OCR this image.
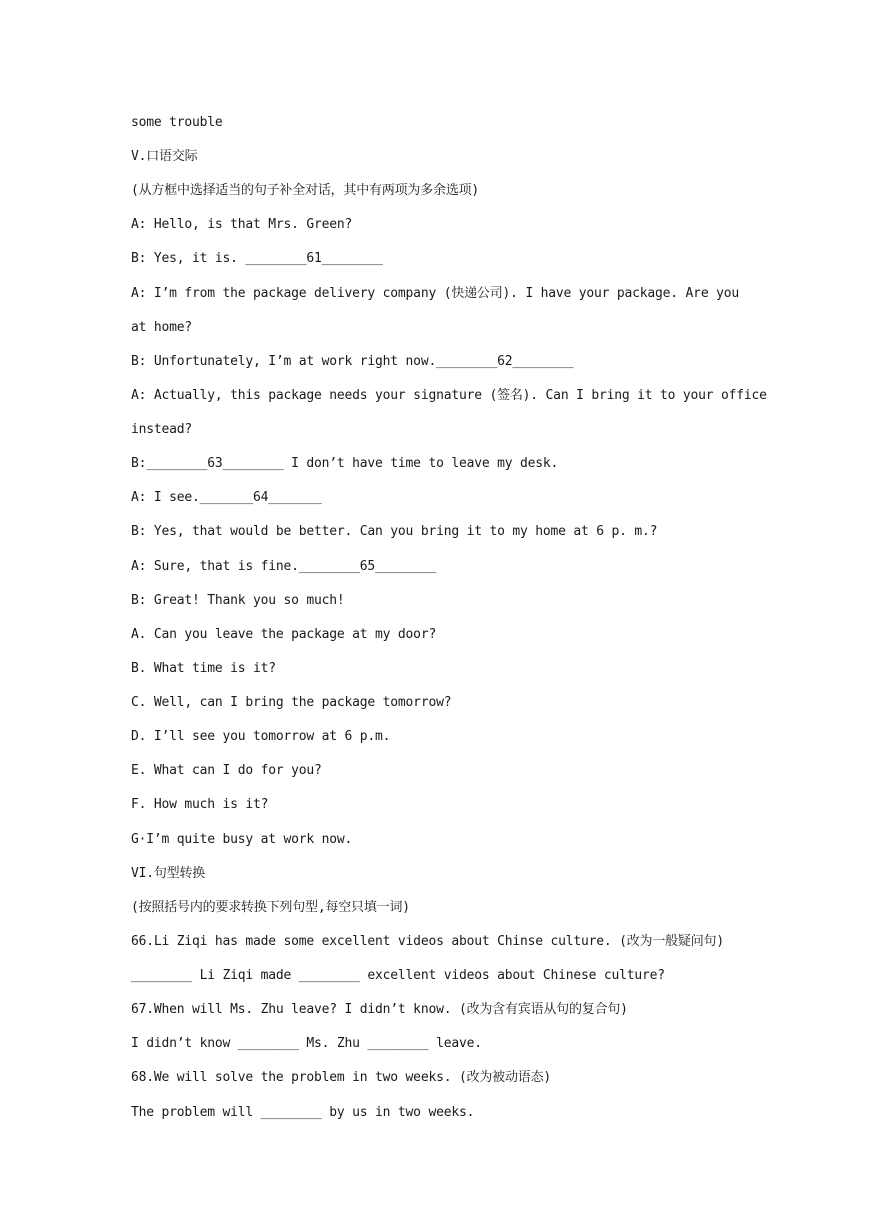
some trouble
V.口语交际
(从方框中选择适当的句子补全对话，其中有两项为多余选项)
A: Hello, is that Mrs. Green?
B: Yes, it is. ________61________
A: I’m from the package delivery company (快递公司). I have your package. Are you
at home?
B: Unfortunately, I’m at work right now.________62________
A: Actually, this package needs your signature (签名). Can I bring it to your office
instead?
B:________63________ I don’t have time to leave my desk.
A: I see._______64_______
B: Yes, that would be better. Can you bring it to my home at 6 p. m.?
A: Sure, that is fine.________65________
B: Great! Thank you so much!
A. Can you leave the package at my door?
B. What time is it?
C. Well, can I bring the package tomorrow?
D. I’ll see you tomorrow at 6 p.m.
E. What can I do for you?
F. How much is it?
G·I’m quite busy at work now.
VI.句型转换
(按照括号内的要求转换下列句型,每空只填一词)
66.Li Ziqi has made some excellent videos about Chinse culture. (改为一般疑问句)
________ Li Ziqi made ________ excellent videos about Chinese culture?
67.When will Ms. Zhu leave? I didn’t know. (改为含有宾语从句的复合句)
I didn’t know ________ Ms. Zhu ________ leave.
68.We will solve the problem in two weeks. (改为被动语态)
The problem will ________ by us in two weeks.
